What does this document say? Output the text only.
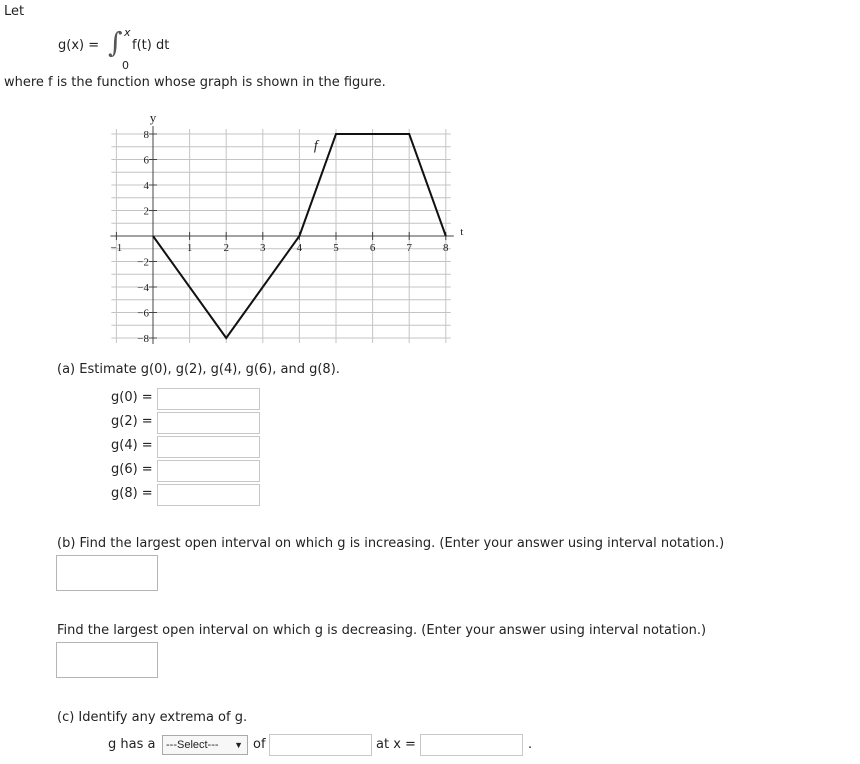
Let
g(x) = ∫ x
0
f(t) dt
where f is the function whose graph is shown in the figure.
−1	1	2	3	4	5	6	7	8
8
6
4
2
−2
−4
−6
−8
y
t
f
(a) Estimate g(0), g(2), g(4), g(6), and g(8).
g(0) =
g(2) =
g(4) =
g(6) =
g(8) =
(b) Find the largest open interval on which g is increasing. (Enter your answer using interval notation.)
Find the largest open interval on which g is decreasing. (Enter your answer using interval notation.)
(c) Identify any extrema of g.
g has a ---Select--- ▼ of	at x =	.
